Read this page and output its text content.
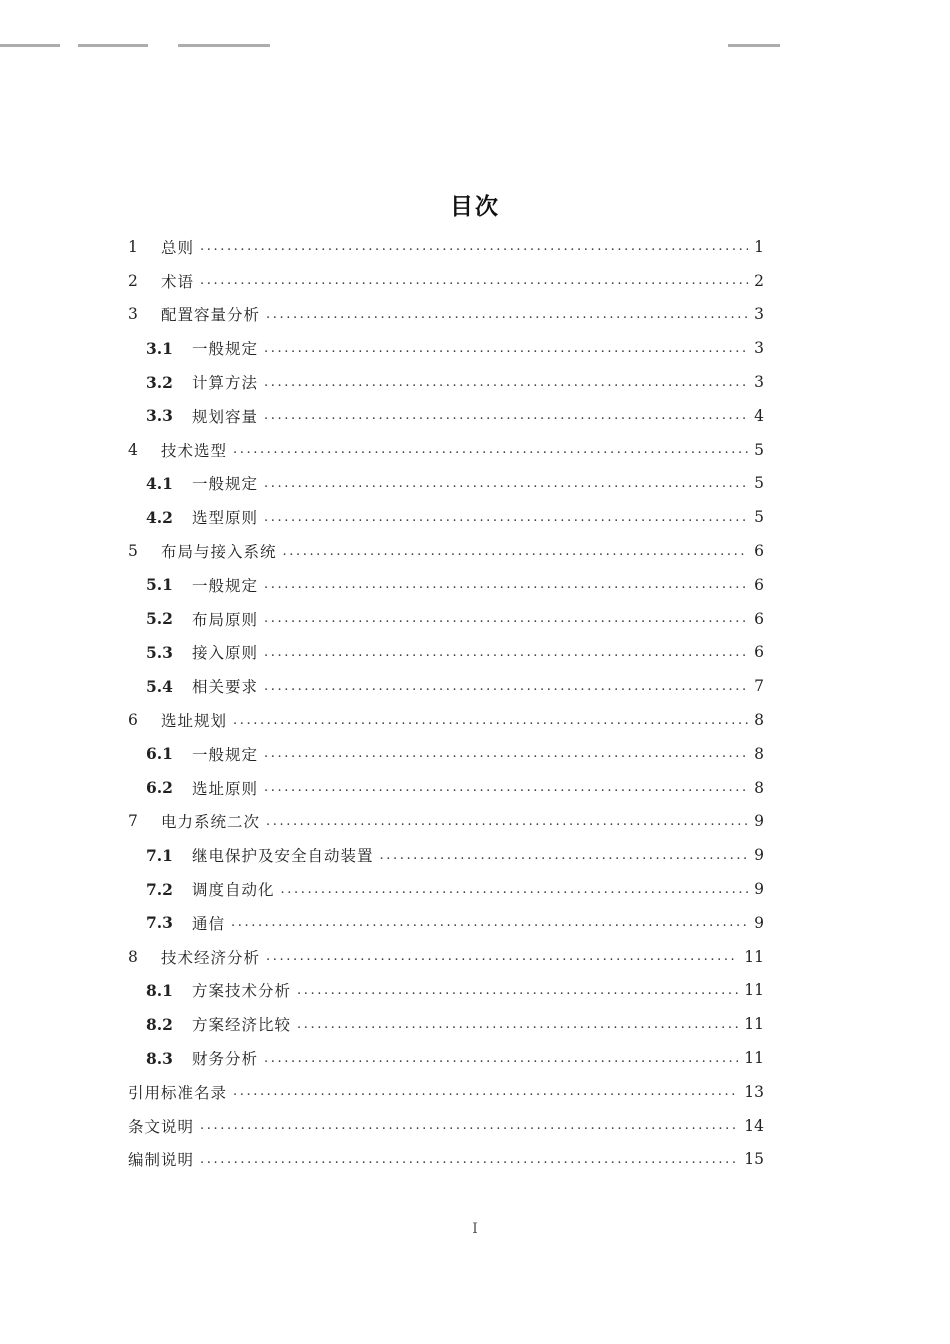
目次
1	总则 .....	1
2	术语 .....	2
3	配置容量分析 .....	3
3.1	一般规定 .....	3
3.2	计算方法 .....	3
3.3	规划容量 .....	4
4	技术选型 .....	5
4.1	一般规定 .....	5
4.2	选型原则 .....	5
5	布局与接入系统 .....	6
5.1	一般规定 .....	6
5.2	布局原则 .....	6
5.3	接入原则 .....	6
5.4	相关要求 .....	7
6	选址规划 .....	8
6.1	一般规定 .....	8
6.2	选址原则 .....	8
7	电力系统二次 .....	9
7.1	继电保护及安全自动装置 .....	9
7.2	调度自动化 .....	9
7.3	通信 .....	9
8	技术经济分析 .....	11
8.1	方案技术分析 .....	11
8.2	方案经济比较 .....	11
8.3	财务分析 .....	11
引用标准名录 .....	13
条文说明 .....	14
编制说明 .....	15
I
